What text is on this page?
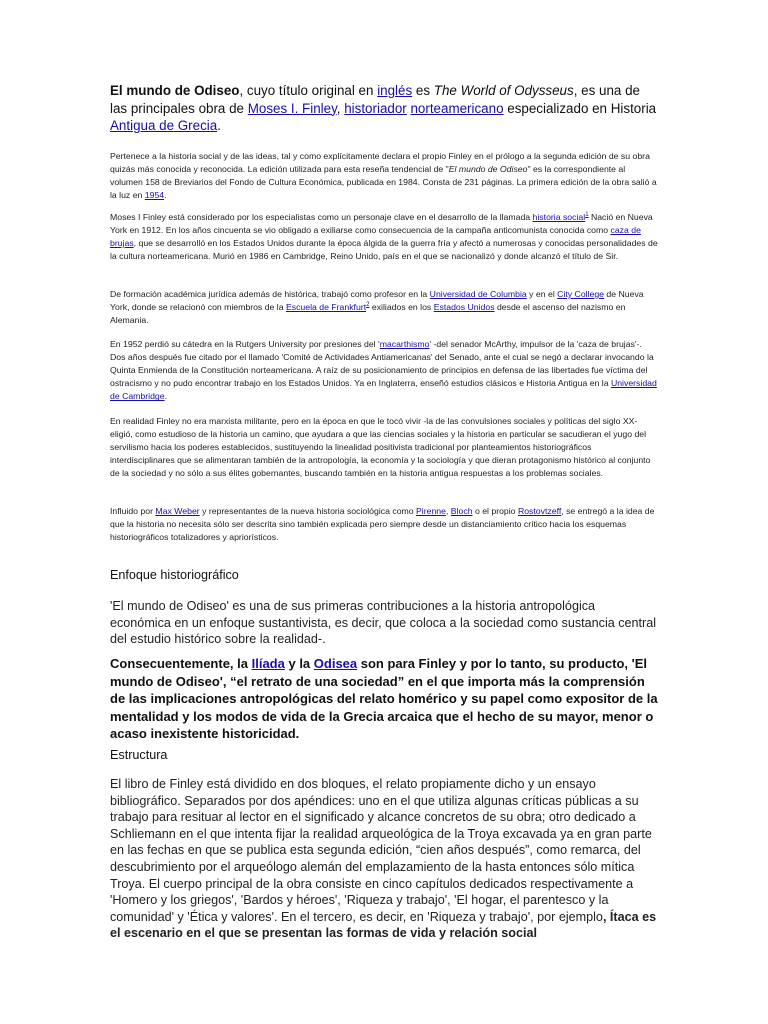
El mundo de Odiseo, cuyo título original en inglés es The World of Odysseus, es una de las principales obra de Moses I. Finley, historiador norteamericano especializado en Historia Antigua de Grecia.
Pertenece a la historia social y de las ideas, tal y como explícitamente declara el propio Finley en el prólogo a la segunda edición de su obra quizás más conocida y reconocida. La edición utilizada para esta reseña tendencial de "El mundo de Odiseo" es la correspondiente al volumen 158 de Breviarios del Fondo de Cultura Económica, publicada en 1984. Consta de 231 páginas. La primera edición de la obra salió a la luz en 1954.
Moses I Finley está considerado por los especialistas como un personaje clave en el desarrollo de la llamada historia social$^1$ Nació en Nueva York en 1912. En los años cincuenta se vio obligado a exiliarse como consecuencia de la campaña anticomunista conocida como caza de brujas, que se desarrolló en los Estados Unidos durante la época álgida de la guerra fría y afectó a numerosas y conocidas personalidades de la cultura norteamericana. Murió en 1986 en Cambridge, Reino Unido, país en el que se nacionalizó y donde alcanzó el título de Sir.
De formación académica jurídica además de histórica, trabajó como profesor en la Universidad de Columbia y en el City College de Nueva York, donde se relacionó con miembros de la Escuela de Frankfurt$^2$ exiliados en los Estados Unidos desde el ascenso del nazismo en Alemania.
En 1952 perdió su cátedra en la Rutgers University por presiones del 'macarthismo' -del senador McArthy, impulsor de la 'caza de brujas'-. Dos años después fue citado por el llamado 'Comité de Actividades Antiamericanas' del Senado, ante el cual se negó a declarar invocando la Quinta Enmienda de la Constitución norteamericana. A raíz de su posicionamiento de principios en defensa de las libertades fue víctima del ostracismo y no pudo encontrar trabajo en los Estados Unidos. Ya en Inglaterra, enseñó estudios clásicos e Historia Antigua en la Universidad de Cambridge.
En realidad Finley no era marxista militante, pero en la época en que le tocó vivir -la de las convulsiones sociales y políticas del siglo XX- eligió, como estudioso de la historia un camino, que ayudara a que las ciencias sociales y la historia en particular se sacudieran el yugo del servilismo hacia los poderes establecidos, sustituyendo la linealidad positivista tradicional por planteamientos historiográficos interdisciplinares que se alimentaran también de la antropología, la economía y la sociología y que dieran protagonismo histórico al conjunto de la sociedad y no sólo a sus élites gobernantes, buscando también en la historia antigua respuestas a los problemas sociales.
Influido por Max Weber y representantes de la nueva historia sociológica como Pirenne, Bloch o el propio Rostovtzeff, se entregó a la idea de que la historia no necesita sólo ser descrita sino también explicada pero siempre desde un distanciamiento crítico hacia los esquemas historiográficos totalizadores y apriorísticos.
Enfoque historiográfico
'El mundo de Odiseo' es una de sus primeras contribuciones a la historia antropológica económica en un enfoque sustantivista, es decir, que coloca a la sociedad como sustancia central del estudio histórico sobre la realidad-.
Consecuentemente, la Ilíada y la Odisea son para Finley y por lo tanto, su producto, 'El mundo de Odiseo', “el retrato de una sociedad” en el que importa más la comprensión de las implicaciones antropológicas del relato homérico y su papel como expositor de la mentalidad y los modos de vida de la Grecia arcaica que el hecho de su mayor, menor o acaso inexistente historicidad.
Estructura
El libro de Finley está dividido en dos bloques, el relato propiamente dicho y un ensayo bibliográfico. Separados por dos apéndices: uno en el que utiliza algunas críticas públicas a su trabajo para resituar al lector en el significado y alcance concretos de su obra; otro dedicado a Schliemann en el que intenta fijar la realidad arqueológica de la Troya excavada ya en gran parte en las fechas en que se publica esta segunda edición, “cien años después”, como remarca, del descubrimiento por el arqueólogo alemán del emplazamiento de la hasta entonces sólo mítica Troya. El cuerpo principal de la obra consiste en cinco capítulos dedicados respectivamente a 'Homero y los griegos', 'Bardos y héroes', 'Riqueza y trabajo', 'El hogar, el parentesco y la comunidad' y 'Ética y valores'. En el tercero, es decir, en 'Riqueza y trabajo', por ejemplo, Ítaca es el escenario en el que se presentan las formas de vida y relación social
